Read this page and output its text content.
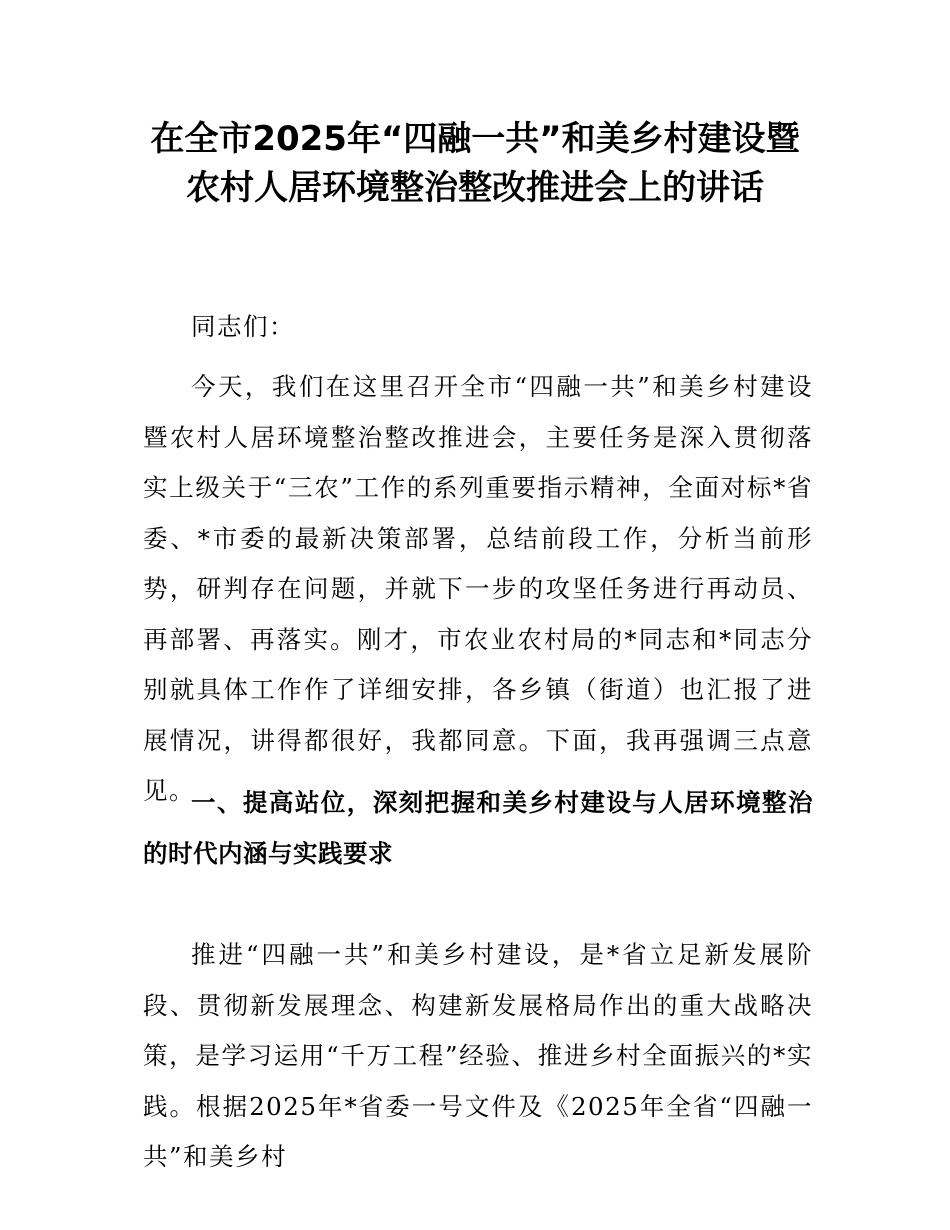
在全市2025年“四融一共”和美乡村建设暨
农村人居环境整治整改推进会上的讲话
同志们：
今天，我们在这里召开全市“四融一共”和美乡村建设暨农村人居环境整治整改推进会，主要任务是深入贯彻落实上级关于“三农”工作的系列重要指示精神，全面对标*省委、*市委的最新决策部署，总结前段工作，分析当前形势，研判存在问题，并就下一步的攻坚任务进行再动员、再部署、再落实。刚才，市农业农村局的*同志和*同志分别就具体工作作了详细安排，各乡镇（街道）也汇报了进展情况，讲得都很好，我都同意。下面，我再强调三点意见。
一、提高站位，深刻把握和美乡村建设与人居环境整治的时代内涵与实践要求
推进“四融一共”和美乡村建设，是*省立足新发展阶段、贯彻新发展理念、构建新发展格局作出的重大战略决策，是学习运用“千万工程”经验、推进乡村全面振兴的*实践。根据2025年*省委一号文件及《2025年全省“四融一共”和美乡村
